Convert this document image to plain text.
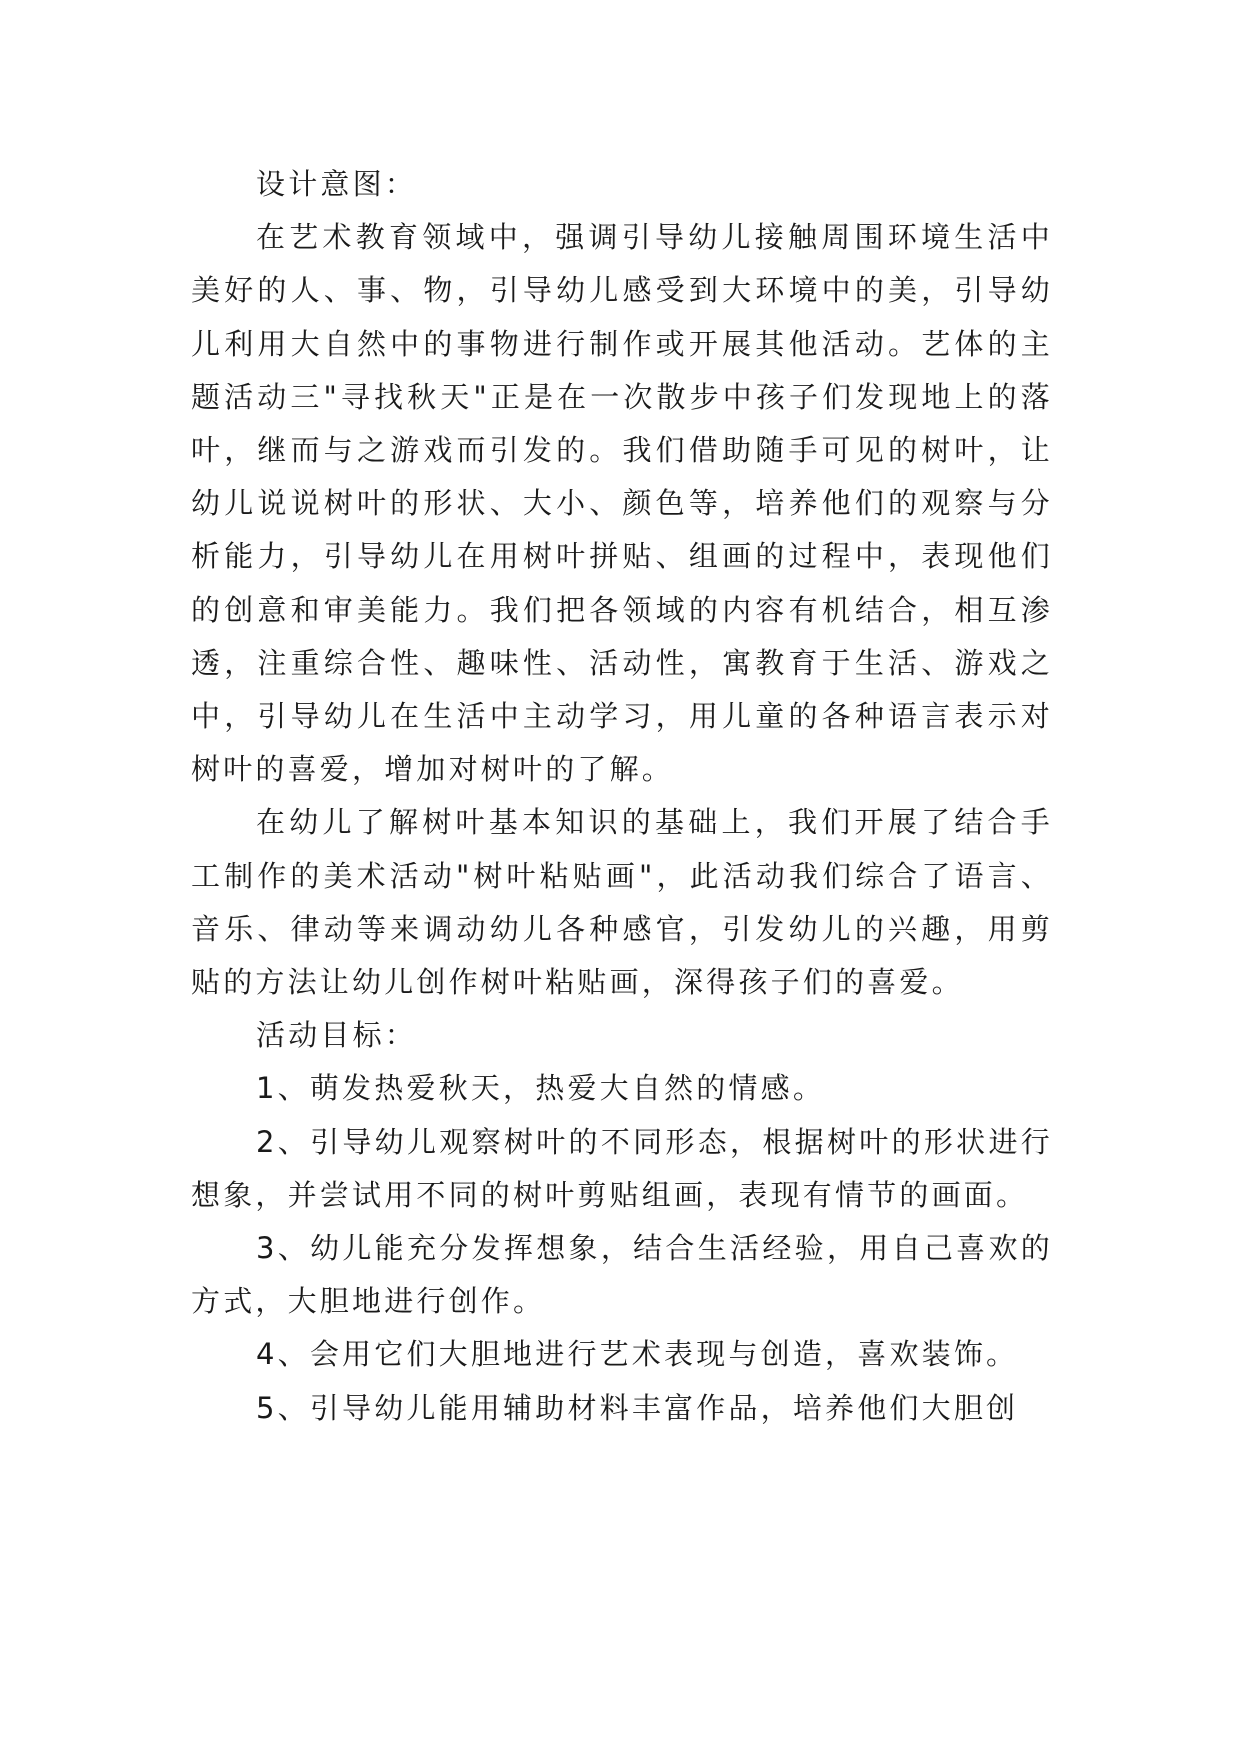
设计意图：

在艺术教育领域中，强调引导幼儿接触周围环境生活中美好的人、事、物，引导幼儿感受到大环境中的美，引导幼儿利用大自然中的事物进行制作或开展其他活动。艺体的主题活动三"寻找秋天"正是在一次散步中孩子们发现地上的落叶，继而与之游戏而引发的。我们借助随手可见的树叶，让幼儿说说树叶的形状、大小、颜色等，培养他们的观察与分析能力，引导幼儿在用树叶拼贴、组画的过程中，表现他们的创意和审美能力。我们把各领域的内容有机结合，相互渗透，注重综合性、趣味性、活动性，寓教育于生活、游戏之中，引导幼儿在生活中主动学习，用儿童的各种语言表示对树叶的喜爱，增加对树叶的了解。

在幼儿了解树叶基本知识的基础上，我们开展了结合手工制作的美术活动"树叶粘贴画"，此活动我们综合了语言、音乐、律动等来调动幼儿各种感官，引发幼儿的兴趣，用剪贴的方法让幼儿创作树叶粘贴画，深得孩子们的喜爱。

活动目标：

1、萌发热爱秋天，热爱大自然的情感。

2、引导幼儿观察树叶的不同形态，根据树叶的形状进行想象，并尝试用不同的树叶剪贴组画，表现有情节的画面。

3、幼儿能充分发挥想象，结合生活经验，用自己喜欢的方式，大胆地进行创作。

4、会用它们大胆地进行艺术表现与创造，喜欢装饰。

5、引导幼儿能用辅助材料丰富作品，培养他们大胆创
